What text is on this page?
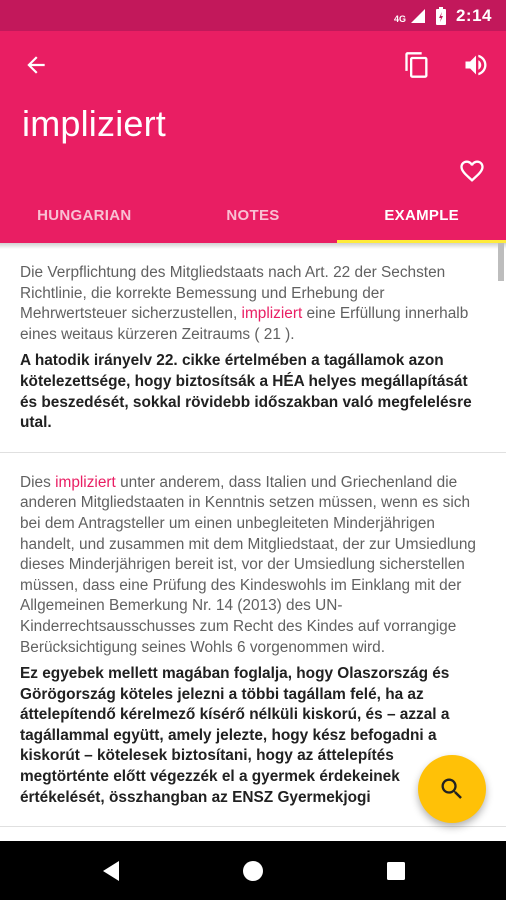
4G	2:14
impliziert
HUNGARIAN	NOTES	EXAMPLE

Die Verpflichtung des Mitgliedstaats nach Art. 22 der Sechsten Richtlinie, die korrekte Bemessung und Erhebung der Mehrwertsteuer sicherzustellen, impliziert eine Erfüllung innerhalb eines weitaus kürzeren Zeitraums ( 21 ).

A hatodik irányelv 22. cikke értelmében a tagállamok azon kötelezettsége, hogy biztosítsák a HÉA helyes megállapítását és beszedését, sokkal rövidebb időszakban való megfelelésre utal.

Dies impliziert unter anderem, dass Italien und Griechenland die anderen Mitgliedstaaten in Kenntnis setzen müssen, wenn es sich bei dem Antragsteller um einen unbegleiteten Minderjährigen handelt, und zusammen mit dem Mitgliedstaat, der zur Umsiedlung dieses Minderjährigen bereit ist, vor der Umsiedlung sicherstellen müssen, dass eine Prüfung des Kindeswohls im Einklang mit der Allgemeinen Bemerkung Nr. 14 (2013) des UN-Kinderrechtsausschusses zum Recht des Kindes auf vorrangige Berücksichtigung seines Wohls 6 vorgenommen wird.

Ez egyebek mellett magában foglalja, hogy Olaszország és Görögország köteles jelezni a többi tagállam felé, ha az áttelepítendő kérelmező kísérő nélküli kiskorú, és – azzal a tagállammal együtt, amely jelezte, hogy kész befogadni a kiskorút – kötelesek biztosítani, hogy az áttelepítés megtörténte előtt végezzék el a gyermek érdekeinek értékelését, összhangban az ENSZ Gyermekjogi
